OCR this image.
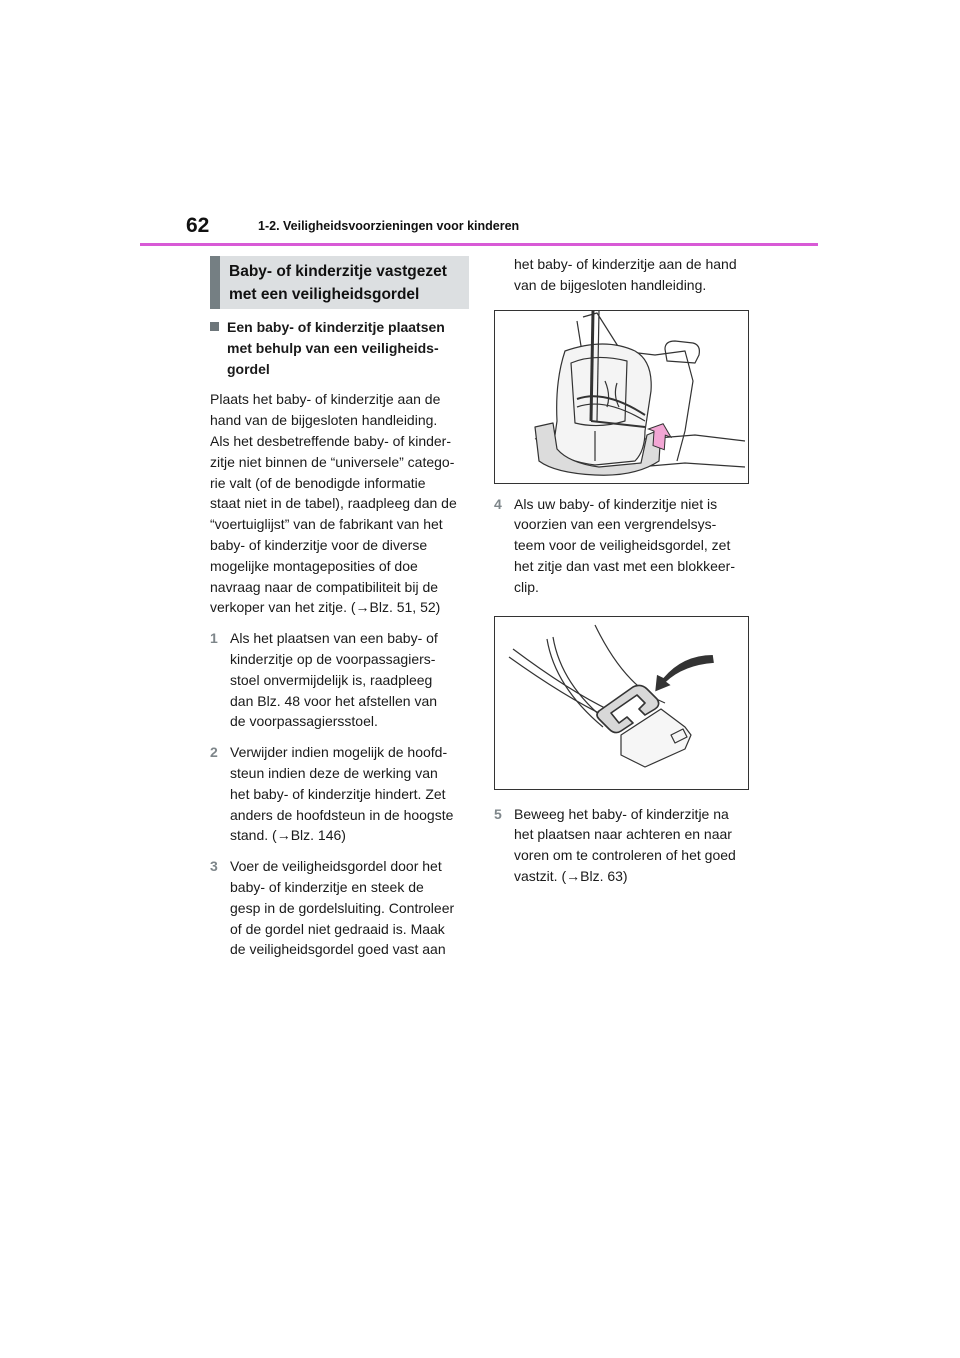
62	1-2. Veiligheidsvoorzieningen voor kinderen
Baby- of kinderzitje vastgezet
met een veiligheidsgordel
Een baby- of kinderzitje plaatsen
met behulp van een veiligheids-
gordel
Plaats het baby- of kinderzitje aan de
hand van de bijgesloten handleiding.
Als het desbetreffende baby- of kinder-
zitje niet binnen de “universele” catego-
rie valt (of de benodigde informatie
staat niet in de tabel), raadpleeg dan de
“voertuiglijst” van de fabrikant van het
baby- of kinderzitje voor de diverse
mogelijke montageposities of doe
navraag naar de compatibiliteit bij de
verkoper van het zitje. (→Blz. 51, 52)
1 Als het plaatsen van een baby- of
kinderzitje op de voorpassagiers-
stoel onvermijdelijk is, raadpleeg
dan Blz. 48 voor het afstellen van
de voorpassagiersstoel.
2 Verwijder indien mogelijk de hoofd-
steun indien deze de werking van
het baby- of kinderzitje hindert. Zet
anders de hoofdsteun in de hoogste
stand. (→Blz. 146)
3 Voer de veiligheidsgordel door het
baby- of kinderzitje en steek de
gesp in de gordelsluiting. Controleer
of de gordel niet gedraaid is. Maak
de veiligheidsgordel goed vast aan
het baby- of kinderzitje aan de hand
van de bijgesloten handleiding.
4 Als uw baby- of kinderzitje niet is
voorzien van een vergrendelsys-
teem voor de veiligheidsgordel, zet
het zitje dan vast met een blokkeer-
clip.
5 Beweeg het baby- of kinderzitje na
het plaatsen naar achteren en naar
voren om te controleren of het goed
vastzit. (→Blz. 63)
